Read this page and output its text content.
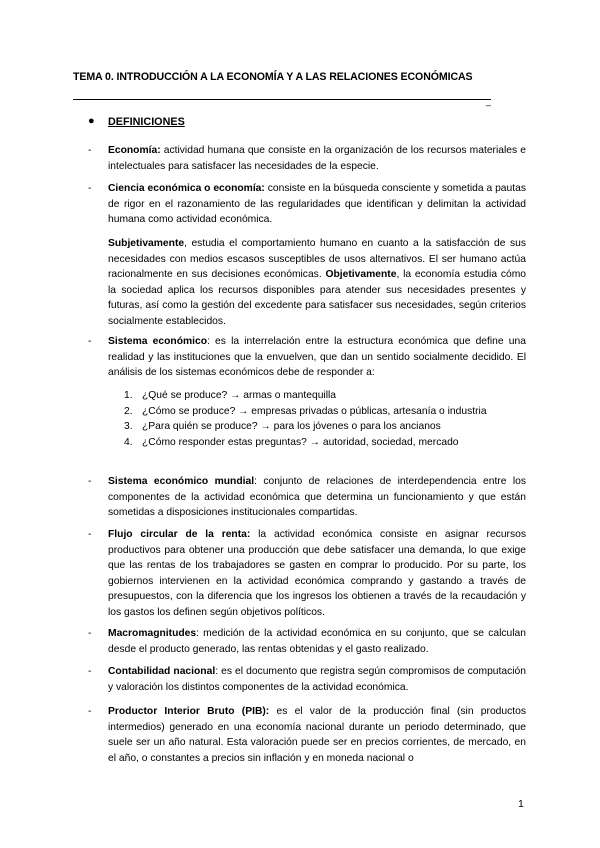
TEMA 0. INTRODUCCIÓN A LA ECONOMÍA Y A LAS RELACIONES ECONÓMICAS
_
● DEFINICIONES
- Economía: actividad humana que consiste en la organización de los recursos materiales e intelectuales para satisfacer las necesidades de la especie.
- Ciencia económica o economía: consiste en la búsqueda consciente y sometida a pautas de rigor en el razonamiento de las regularidades que identifican y delimitan la actividad humana como actividad económica.
Subjetivamente, estudia el comportamiento humano en cuanto a la satisfacción de sus necesidades con medios escasos susceptibles de usos alternativos. El ser humano actúa racionalmente en sus decisiones económicas. Objetivamente, la economía estudia cómo la sociedad aplica los recursos disponibles para atender sus necesidades presentes y futuras, así como la gestión del excedente para satisfacer sus necesidades, según criterios socialmente establecidos.
- Sistema económico: es la interrelación entre la estructura económica que define una realidad y las instituciones que la envuelven, que dan un sentido socialmente decidido. El análisis de los sistemas económicos debe de responder a:
1. ¿Qué se produce? → armas o mantequilla
2. ¿Cómo se produce? → empresas privadas o públicas, artesanía o industria
3. ¿Para quién se produce? → para los jóvenes o para los ancianos
4. ¿Cómo responder estas preguntas? → autoridad, sociedad, mercado
- Sistema económico mundial: conjunto de relaciones de interdependencia entre los componentes de la actividad económica que determina un funcionamiento y que están sometidas a disposiciones institucionales compartidas.
- Flujo circular de la renta: la actividad económica consiste en asignar recursos productivos para obtener una producción que debe satisfacer una demanda, lo que exige que las rentas de los trabajadores se gasten en comprar lo producido. Por su parte, los gobiernos intervienen en la actividad económica comprando y gastando a través de presupuestos, con la diferencia que los ingresos los obtienen a través de la recaudación y los gastos los definen según objetivos políticos.
- Macromagnitudes: medición de la actividad económica en su conjunto, que se calculan desde el producto generado, las rentas obtenidas y el gasto realizado.
- Contabilidad nacional: es el documento que registra según compromisos de computación y valoración los distintos componentes de la actividad económica.
- Productor Interior Bruto (PIB): es el valor de la producción final (sin productos intermedios) generado en una economía nacional durante un periodo determinado, que suele ser un año natural. Esta valoración puede ser en precios corrientes, de mercado, en el año, o constantes a precios sin inflación y en moneda nacional o
1
